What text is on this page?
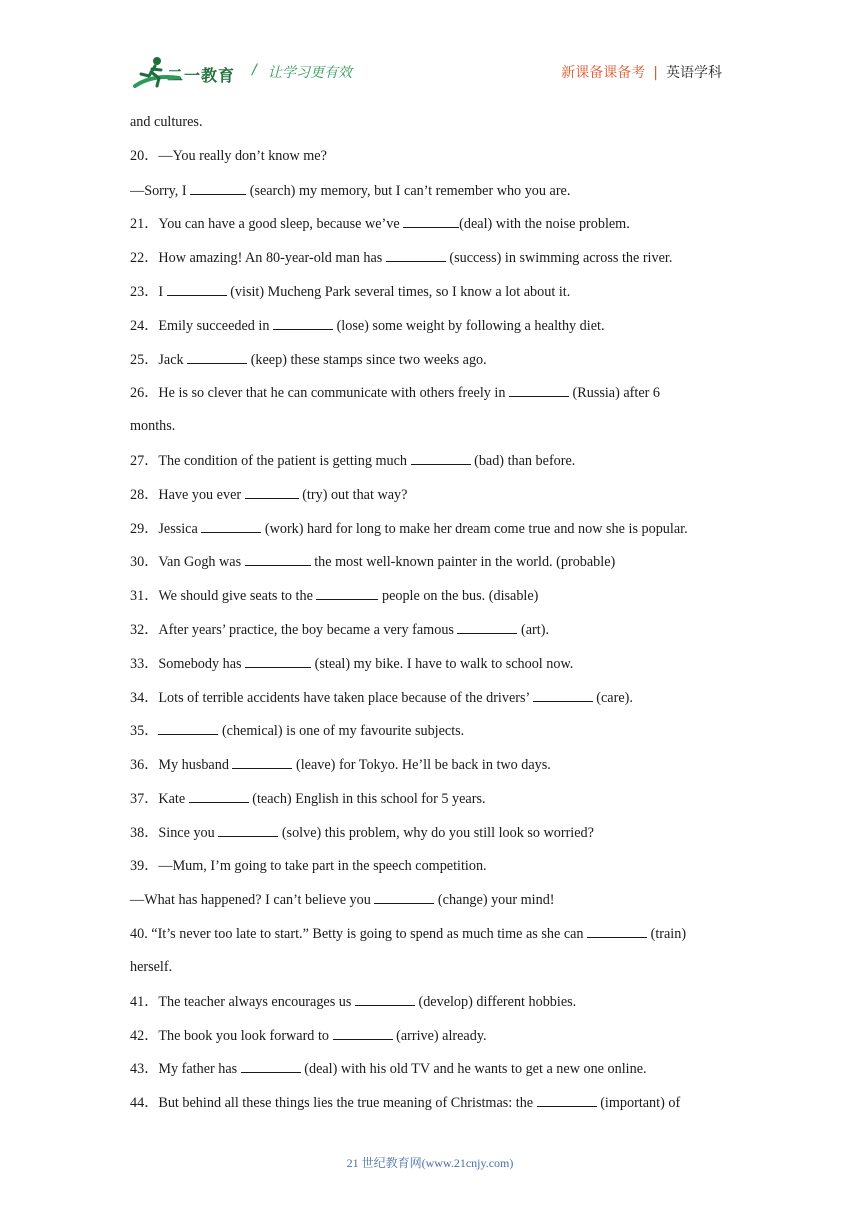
二一教育 / 让学习更有效	新课备课备考 | 英语学科
and cultures.
20．—You really don’t know me?
—Sorry, I	(search) my memory, but I can’t remember who you are.
21．You can have a good sleep, because we’ve	(deal) with the noise problem.
22．How amazing! An 80-year-old man has	(success) in swimming across the river.
23．I	(visit) Mucheng Park several times, so I know a lot about it.
24．Emily succeeded in	(lose) some weight by following a healthy diet.
25．Jack	(keep) these stamps since two weeks ago.
26．He is so clever that he can communicate with others freely in	(Russia) after 6
months.
27．The condition of the patient is getting much	(bad) than before.
28．Have you ever	(try) out that way?
29．Jessica	(work) hard for long to make her dream come true and now she is popular.
30．Van Gogh was	the most well-known painter in the world. (probable)
31．We should give seats to the	people on the bus. (disable)
32．After years’ practice, the boy became a very famous	(art).
33．Somebody has	(steal) my bike. I have to walk to school now.
34．Lots of terrible accidents have taken place because of the drivers’	(care).
35．	(chemical) is one of my favourite subjects.
36．My husband	(leave) for Tokyo. He’ll be back in two days.
37．Kate	(teach) English in this school for 5 years.
38．Since you	(solve) this problem, why do you still look so worried?
39．—Mum, I’m going to take part in the speech competition.
—What has happened? I can’t believe you	(change) your mind!
40. “It’s never too late to start.” Betty is going to spend as much time as she can	(train)
herself.
41．The teacher always encourages us	(develop) different hobbies.
42．The book you look forward to	(arrive) already.
43．My father has	(deal) with his old TV and he wants to get a new one online.
44．But behind all these things lies the true meaning of Christmas: the	(important) of
21 世纪教育网(www.21cnjy.com)
